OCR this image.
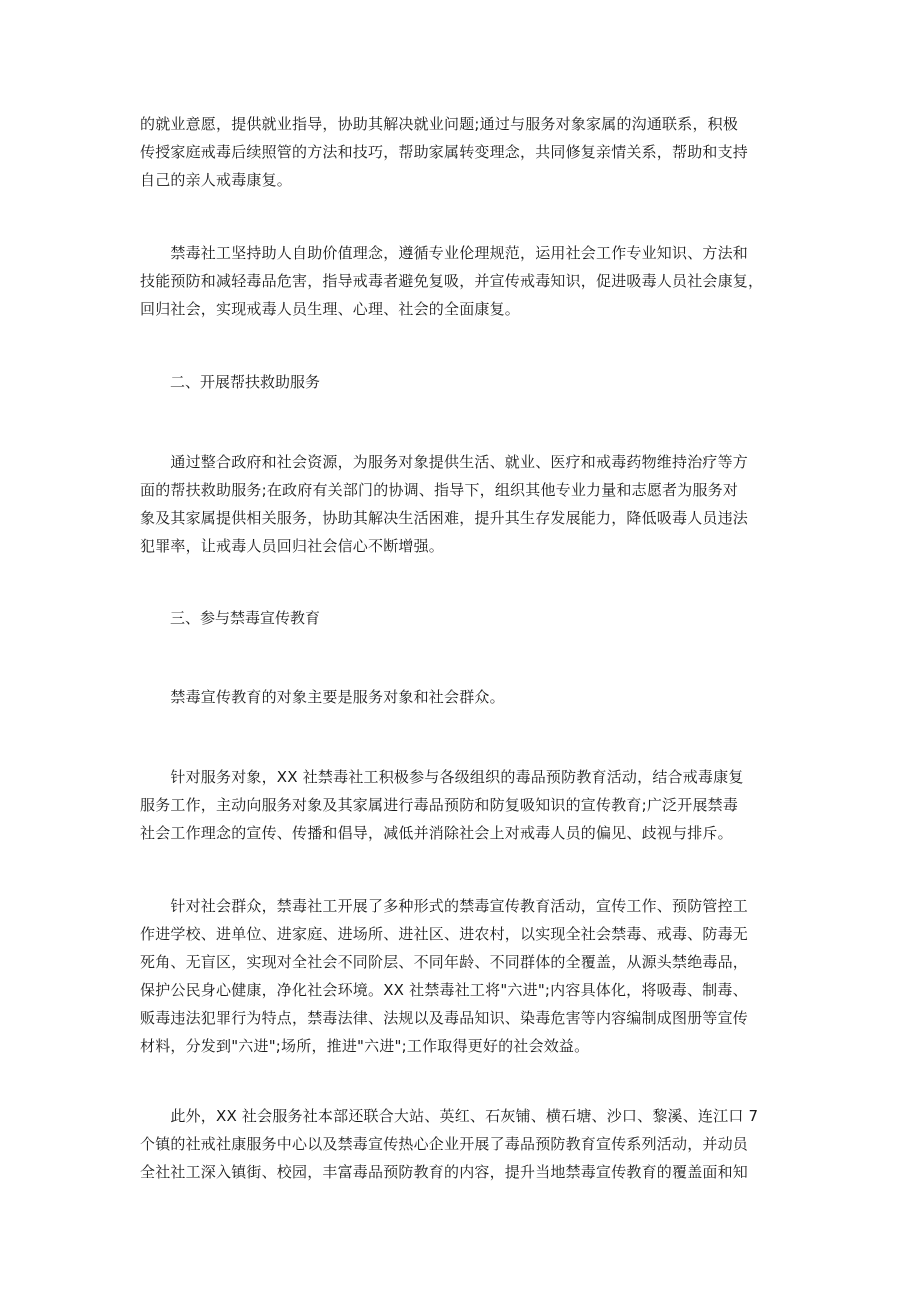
的就业意愿，提供就业指导，协助其解决就业问题;通过与服务对象家属的沟通联系，积极
传授家庭戒毒后续照管的方法和技巧，帮助家属转变理念，共同修复亲情关系，帮助和支持
自己的亲人戒毒康复。

　　禁毒社工坚持助人自助价值理念，遵循专业伦理规范，运用社会工作专业知识、方法和
技能预防和减轻毒品危害，指导戒毒者避免复吸，并宣传戒毒知识，促进吸毒人员社会康复，
回归社会，实现戒毒人员生理、心理、社会的全面康复。

　　二、开展帮扶救助服务

　　通过整合政府和社会资源，为服务对象提供生活、就业、医疗和戒毒药物维持治疗等方
面的帮扶救助服务;在政府有关部门的协调、指导下，组织其他专业力量和志愿者为服务对
象及其家属提供相关服务，协助其解决生活困难，提升其生存发展能力，降低吸毒人员违法
犯罪率，让戒毒人员回归社会信心不断增强。

　　三、参与禁毒宣传教育

　　禁毒宣传教育的对象主要是服务对象和社会群众。

　　针对服务对象，XX 社禁毒社工积极参与各级组织的毒品预防教育活动，结合戒毒康复
服务工作，主动向服务对象及其家属进行毒品预防和防复吸知识的宣传教育;广泛开展禁毒
社会工作理念的宣传、传播和倡导，减低并消除社会上对戒毒人员的偏见、歧视与排斥。

　　针对社会群众，禁毒社工开展了多种形式的禁毒宣传教育活动，宣传工作、预防管控工
作进学校、进单位、进家庭、进场所、进社区、进农村，以实现全社会禁毒、戒毒、防毒无
死角、无盲区，实现对全社会不同阶层、不同年龄、不同群体的全覆盖，从源头禁绝毒品，
保护公民身心健康，净化社会环境。XX 社禁毒社工将"六进";内容具体化，将吸毒、制毒、
贩毒违法犯罪行为特点，禁毒法律、法规以及毒品知识、染毒危害等内容编制成图册等宣传
材料，分发到"六进";场所，推进"六进";工作取得更好的社会效益。

　　此外，XX 社会服务社本部还联合大站、英红、石灰铺、横石塘、沙口、黎溪、连江口 7
个镇的社戒社康服务中心以及禁毒宣传热心企业开展了毒品预防教育宣传系列活动，并动员
全社社工深入镇街、校园，丰富毒品预防教育的内容，提升当地禁毒宣传教育的覆盖面和知
